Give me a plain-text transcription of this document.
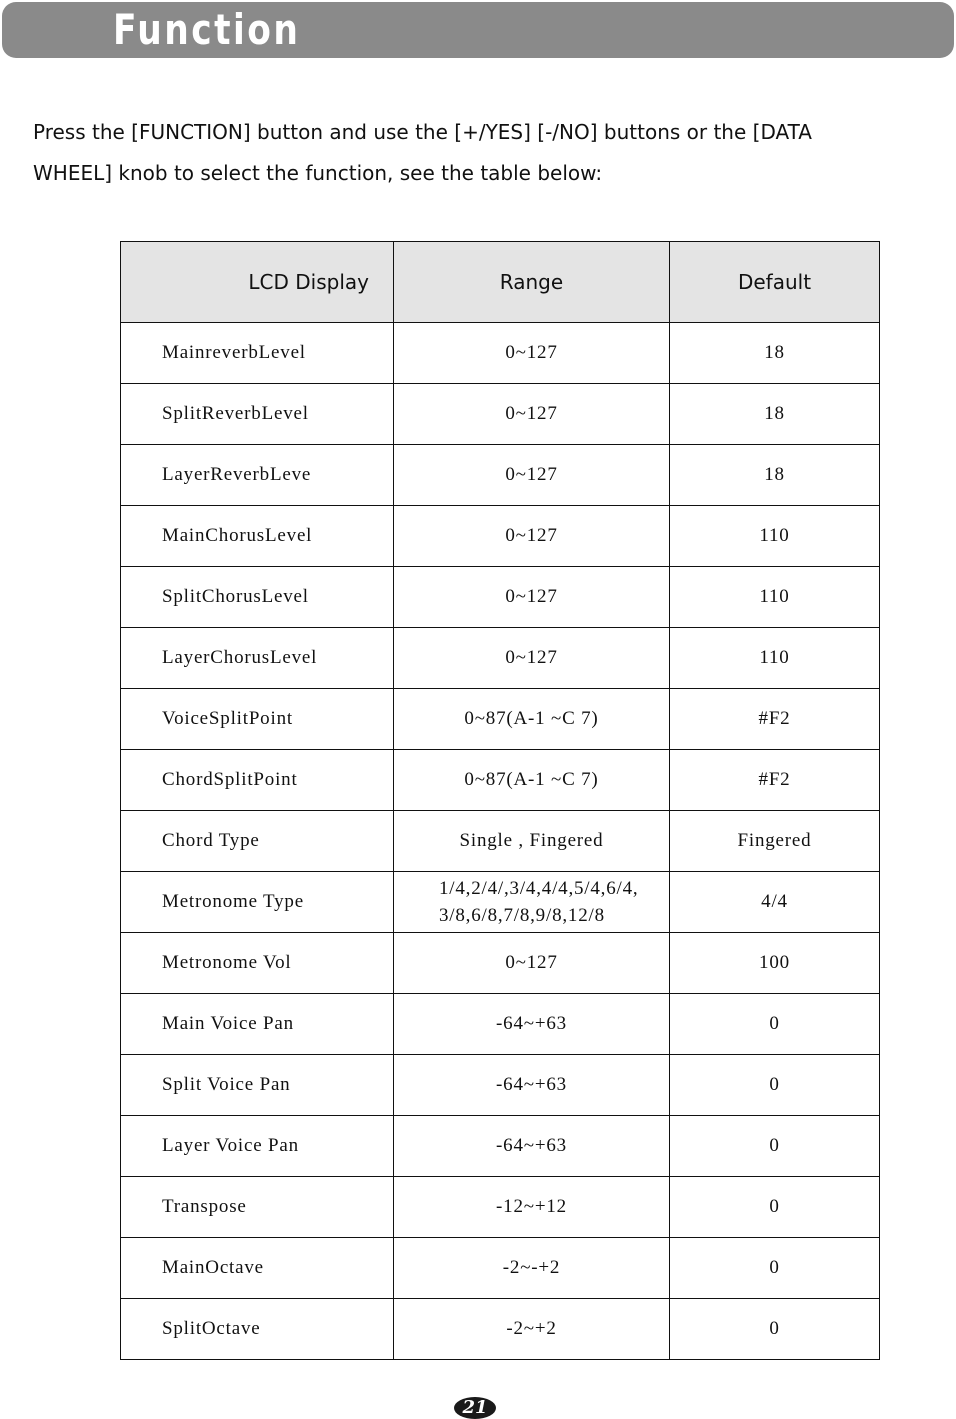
Function

Press the [FUNCTION] button and use the [+/YES] [-/NO] buttons or the [DATA

WHEEL] knob to select the function, see the table below:

LCD Display	Range	Default
MainreverbLevel	0~127	18
SplitReverbLevel	0~127	18
LayerReverbLeve	0~127	18
MainChorusLevel	0~127	110
SplitChorusLevel	0~127	110
LayerChorusLevel	0~127	110
VoiceSplitPoint	0~87(A-1 ~C 7)	#F2
ChordSplitPoint	0~87(A-1 ~C 7)	#F2
Chord Type	Single , Fingered	Fingered
Metronome Type	1/4,2/4/,3/4,4/4,5/4,6/4,
3/8,6/8,7/8,9/8,12/8	4/4
Metronome Vol	0~127	100
Main Voice Pan	-64~+63	0
Split Voice Pan	-64~+63	0
Layer Voice Pan	-64~+63	0
Transpose	-12~+12	0
MainOctave	-2~-+2	0
SplitOctave	-2~+2	0
21
